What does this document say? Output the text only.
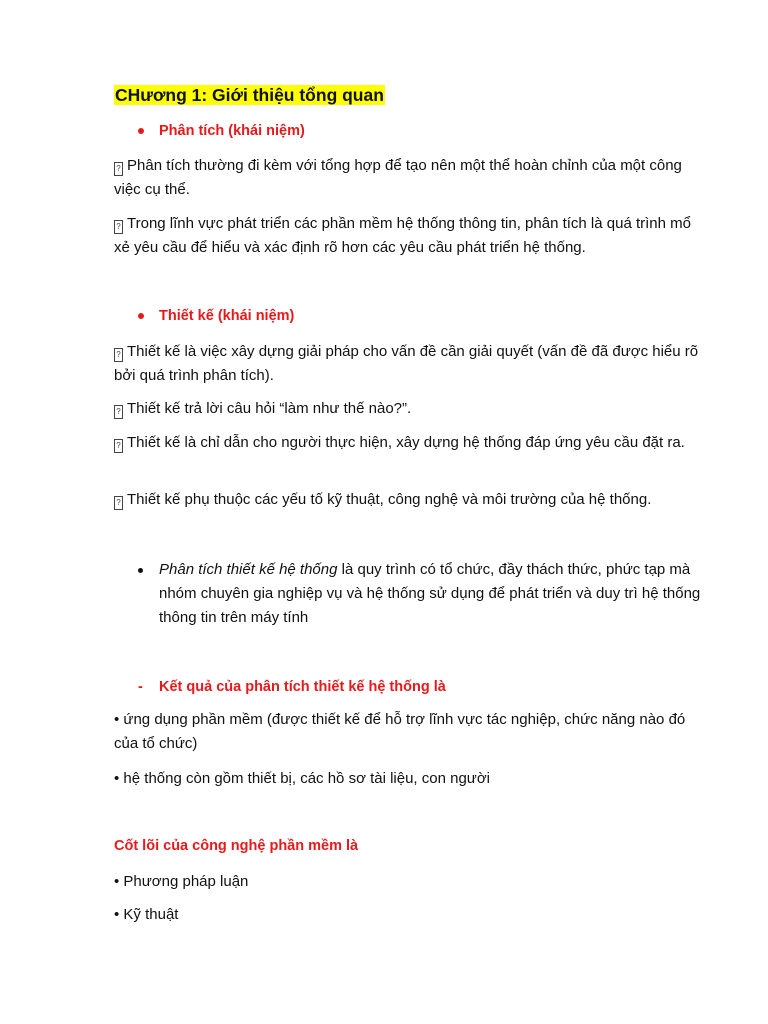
CHương 1: Giới thiệu tổng quan
Phân tích (khái niệm)

? Phân tích thường đi kèm với tổng hợp để tạo nên một thể hoàn chỉnh của một công việc cụ thể.

? Trong lĩnh vực phát triển các phần mềm hệ thống thông tin, phân tích là quá trình mổ xẻ yêu cầu để hiểu và xác định rõ hơn các yêu cầu phát triển hệ thống.

Thiết kế (khái niệm)

? Thiết kế là việc xây dựng giải pháp cho vấn đề cần giải quyết (vấn đề đã được hiểu rõ bởi quá trình phân tích).

? Thiết kế trả lời câu hỏi “làm như thế nào?”.

? Thiết kế là chỉ dẫn cho người thực hiện, xây dựng hệ thống đáp ứng yêu cầu đặt ra.

? Thiết kế phụ thuộc các yếu tố kỹ thuật, công nghệ và môi trường của hệ thống.

Phân tích thiết kế hệ thống là quy trình có tổ chức, đầy thách thức, phức tạp mà nhóm chuyên gia nghiệp vụ và hệ thống sử dụng để phát triển và duy trì hệ thống thông tin trên máy tính
- Kết quả của phân tích thiết kế hệ thống là

• ứng dụng phần mềm (được thiết kế để hỗ trợ lĩnh vực tác nghiệp, chức năng nào đó của tổ chức)

• hệ thống còn gồm thiết bị, các hồ sơ tài liệu, con người

Cốt lõi của công nghệ phần mềm là

• Phương pháp luận

• Kỹ thuật
